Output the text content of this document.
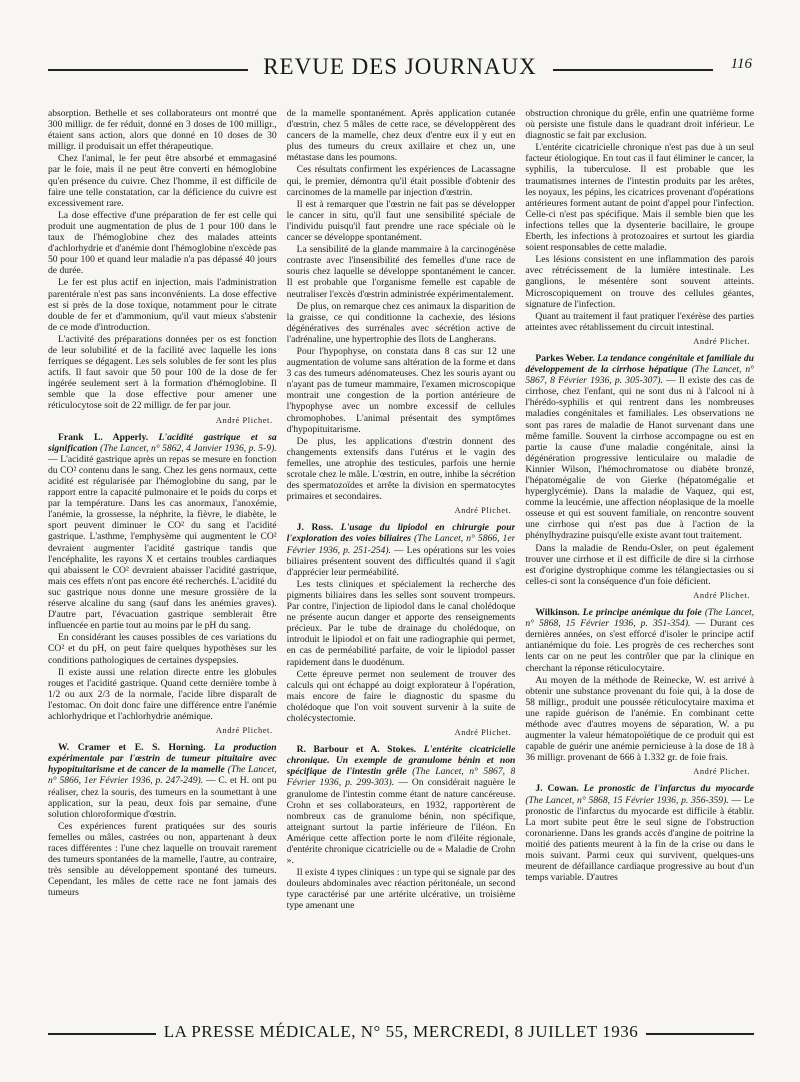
REVUE DES JOURNAUX	116

absorption. Bethelle et ses collaborateurs ont montré que 300 milligr. de fer réduit, donné en 3 doses de 100 milligr., étaient sans action, alors que donné en 10 doses de 30 milligr. il produisait un effet thérapeutique.

Chez l'animal, le fer peut être absorbé et emmagasiné par le foie, mais il ne peut être converti en hémoglobine qu'en présence du cuivre. Chez l'homme, il est difficile de faire une telle constatation, car la déficience du cuivre est excessivement rare.

La dose effective d'une préparation de fer est celle qui produit une augmentation de plus de 1 pour 100 dans le taux de l'hémoglobine chez des malades atteints d'achlorhydrie et d'anémie dont l'hémoglobine n'excède pas 50 pour 100 et quand leur maladie n'a pas dépassé 40 jours de durée.

Le fer est plus actif en injection, mais l'administration parentérale n'est pas sans inconvénients. La dose effective est si près de la dose toxique, notamment pour le citrate double de fer et d'ammonium, qu'il vaut mieux s'abstenir de ce mode d'introduction.

L'activité des préparations données per os est fonction de leur solubilité et de la facilité avec laquelle les ions ferriques se dégagent. Les sels solubles de fer sont les plus actifs. Il faut savoir que 50 pour 100 de la dose de fer ingérée seulement sert à la formation d'hémoglobine. Il semble que la dose effective pour amener une réticulocytose soit de 22 milligr. de fer par jour.

André Plichet.

Frank L. Apperly. L'acidité gastrique et sa signification (The Lancet, n° 5862, 4 Janvier 1936, p. 5-9). — L'acidité gastrique après un repas se mesure en fonction du CO² contenu dans le sang. Chez les gens normaux, cette acidité est régularisée par l'hémoglobine du sang, par le rapport entre la capacité pulmonaire et le poids du corps et par la température. Dans les cas anormaux, l'anoxémie, l'anémie, la grossesse, la néphrite, la fièvre, le diabète, le sport peuvent diminuer le CO² du sang et l'acidité gastrique. L'asthme, l'emphysème qui augmentent le CO² devraient augmenter l'acidité gastrique tandis que l'encéphalite, les rayons X et certains troubles cardiaques qui abaissent le CO² devraient abaisser l'acidité gastrique, mais ces effets n'ont pas encore été recherchés. L'acidité du suc gastrique nous donne une mesure grossière de la réserve alcaline du sang (sauf dans les anémies graves). D'autre part, l'évacuation gastrique semblerait être influencée en partie tout au moins par le pH du sang.

En considérant les causes possibles de ces variations du CO² et du pH, on peut faire quelques hypothèses sur les conditions pathologiques de certaines dyspepsies.

Il existe aussi une relation directe entre les globules rouges et l'acidité gastrique. Quand cette dernière tombe à 1/2 ou aux 2/3 de la normale, l'acide libre disparaît de l'estomac. On doit donc faire une différence entre l'anémie achlorhydrique et l'achlorhydrie anémique.

André Plichet.

W. Cramer et E. S. Horning. La production expérimentale par l'œstrin de tumeur pituitaire avec hypopituitarisme et de cancer de la mamelle (The Lancet, n° 5866, 1er Février 1936, p. 247-249). — C. et H. ont pu réaliser, chez la souris, des tumeurs en la soumettant à une application, sur la peau, deux fois par semaine, d'une solution chloroformique d'œstrin.

Ces expériences furent pratiquées sur des souris femelles ou mâles, castrées ou non, appartenant à deux races différentes : l'une chez laquelle on trouvait rarement des tumeurs spontanées de la mamelle, l'autre, au contraire, très sensible au développement spontané des tumeurs. Cependant, les mâles de cette race ne font jamais des tumeurs

de la mamelle spontanément. Après application cutanée d'œstrin, chez 5 mâles de cette race, se développèrent des cancers de la mamelle, chez deux d'entre eux il y eut en plus des tumeurs du creux axillaire et chez un, une métastase dans les poumons.

Ces résultats confirment les expériences de Lacassagne qui, le premier, démontra qu'il était possible d'obtenir des carcinomes de la mamelle par injection d'œstrin.

Il est à remarquer que l'œstrin ne fait pas se développer le cancer in situ, qu'il faut une sensibilité spéciale de l'individu puisqu'il faut prendre une race spéciale où le cancer se développe spontanément.

La sensibilité de la glande mammaire à la carcinogénèse contraste avec l'insensibilité des femelles d'une race de souris chez laquelle se développe spontanément le cancer. Il est probable que l'organisme femelle est capable de neutraliser l'excès d'œstrin administrée expérimentalement.

De plus, on remarque chez ces animaux la disparition de la graisse, ce qui conditionne la cachexie, des lésions dégénératives des surrénales avec sécrétion active de l'adrénaline, une hypertrophie des îlots de Langherans.

Pour l'hypophyse, on constata dans 8 cas sur 12 une augmentation de volume sans altération de la forme et dans 3 cas des tumeurs adénomateuses. Chez les souris ayant ou n'ayant pas de tumeur mammaire, l'examen microscopique montrait une congestion de la portion antérieure de l'hypophyse avec un nombre excessif de cellules chromophobes. L'animal présentait des symptômes d'hypopituitarisme.

De plus, les applications d'œstrin donnent des changements extensifs dans l'utérus et le vagin des femelles, une atrophie des testicules, parfois une hernie scrotale chez le mâle. L'œstrin, en outre, inhibe la sécrétion des spermatozoïdes et arrête la division en spermatocytes primaires et secondaires.

André Plichet.

J. Ross. L'usage du lipiodol en chirurgie pour l'exploration des voies biliaires (The Lancet, n° 5866, 1er Février 1936, p. 251-254). — Les opérations sur les voies biliaires présentent souvent des difficultés quand il s'agit d'apprécier leur perméabilité.

Les tests cliniques et spécialement la recherche des pigments biliaires dans les selles sont souvent trompeurs. Par contre, l'injection de lipiodol dans le canal cholédoque ne présente aucun danger et apporte des renseignements précieux. Par le tube de drainage du cholédoque, on introduit le lipiodol et on fait une radiographie qui permet, en cas de perméabilité parfaite, de voir le lipiodol passer rapidement dans le duodénum.

Cette épreuve permet non seulement de trouver des calculs qui ont échappé au doigt explorateur à l'opération, mais encore de faire le diagnostic du spasme du cholédoque que l'on voit souvent survenir à la suite de cholécystectomie.

André Plichet.

R. Barbour et A. Stokes. L'entérite cicatricielle chronique. Un exemple de granulome bénin et non spécifique de l'intestin grêle (The Lancet, n° 5867, 8 Février 1936, p. 299-303). — On considérait naguère le granulome de l'intestin comme étant de nature cancéreuse. Crohn et ses collaborateurs, en 1932, rapportèrent de nombreux cas de granulome bénin, non spécifique, atteignant surtout la partie inférieure de l'iléon. En Amérique cette affection porte le nom d'iléite régionale, d'entérite chronique cicatricielle ou de « Maladie de Crohn ».

Il existe 4 types cliniques : un type qui se signale par des douleurs abdominales avec réaction péritonéale, un second type caractérisé par une artérite ulcérative, un troisième type amenant une

obstruction chronique du grêle, enfin une quatrième forme où persiste une fistule dans le quadrant droit inférieur. Le diagnostic se fait par exclusion.

L'entérite cicatricielle chronique n'est pas due à un seul facteur étiologique. En tout cas il faut éliminer le cancer, la syphilis, la tuberculose. Il est probable que les traumatismes internes de l'intestin produits par les arêtes, les noyaux, les pépins, les cicatrices provenant d'opérations antérieures forment autant de point d'appel pour l'infection. Celle-ci n'est pas spécifique. Mais il semble bien que les infections telles que la dysenterie bacillaire, le groupe Eberth, les infections à protozoaires et surtout les giardia soient responsables de cette maladie.

Les lésions consistent en une inflammation des parois avec rétrécissement de la lumière intestinale. Les ganglions, le mésentère sont souvent atteints. Microscopiquement on trouve des cellules géantes, signature de l'infection.

Quant au traitement il faut pratiquer l'exérèse des parties atteintes avec rétablissement du circuit intestinal.

André Plichet.

Parkes Weber. La tendance congénitale et familiale du développement de la cirrhose hépatique (The Lancet, n° 5867, 8 Février 1936, p. 305-307). — Il existe des cas de cirrhose, chez l'enfant, qui ne sont dus ni à l'alcool ni à l'hérédo-syphilis et qui rentrent dans les nombreuses maladies congénitales et familiales. Les observations ne sont pas rares de maladie de Hanot survenant dans une même famille. Souvent la cirrhose accompagne ou est en partie la cause d'une maladie congénitale, ainsi la dégénération progressive lenticulaire ou maladie de Kinnier Wilson, l'hémochromatose ou diabète bronzé, l'hépatomégalie de von Gierke (hépatomégalie et hyperglycémie). Dans la maladie de Vaquez, qui est, comme la leucémie, une affection néoplasique de la moelle osseuse et qui est souvent familiale, on rencontre souvent une cirrhose qui n'est pas due à l'action de la phénylhydrazine puisqu'elle existe avant tout traitement.

Dans la maladie de Rendu-Osler, on peut également trouver une cirrhose et il est difficile de dire si la cirrhose est d'origine dystrophique comme les télangiectasies ou si celles-ci sont la conséquence d'un foie déficient.

André Plichet.

Wilkinson. Le principe anémique du foie (The Lancet, n° 5868, 15 Février 1936, p. 351-354). — Durant ces dernières années, on s'est efforcé d'isoler le principe actif antianémique du foie. Les progrès de ces recherches sont lents car on ne peut les contrôler que par la clinique en cherchant la réponse réticulocytaire.

Au moyen de la méthode de Reinecke, W. est arrivé à obtenir une substance provenant du foie qui, à la dose de 58 milligr., produit une poussée réticulocytaire maxima et une rapide guérison de l'anémie. En combinant cette méthode avec d'autres moyens de séparation, W. a pu augmenter la valeur hématopoïétique de ce produit qui est capable de guérir une anémie pernicieuse à la dose de 18 à 36 milligr. provenant de 666 à 1.332 gr. de foie frais.

André Plichet.

J. Cowan. Le pronostic de l'infarctus du myocarde (The Lancet, n° 5868, 15 Février 1936, p. 356-359). — Le pronostic de l'infarctus du myocarde est difficile à établir. La mort subite peut être le seul signe de l'obstruction coronarienne. Dans les grands accès d'angine de poitrine la moitié des patients meurent à la fin de la crise ou dans le mois suivant. Parmi ceux qui survivent, quelques-uns meurent de défaillance cardiaque progressive au bout d'un temps variable. D'autres

LA PRESSE MÉDICALE, N° 55, MERCREDI, 8 JUILLET 1936
